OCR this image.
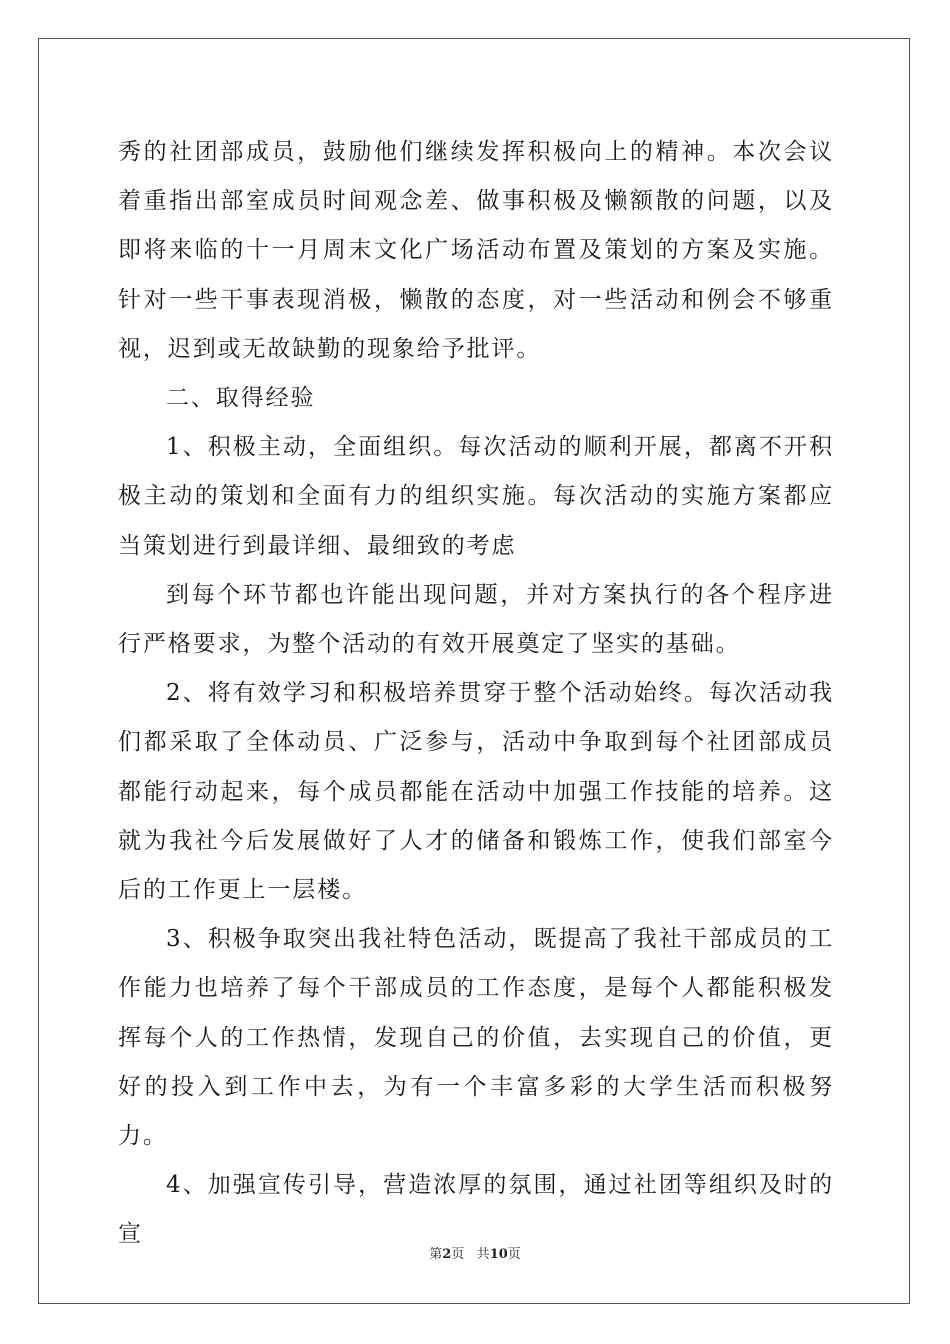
秀的社团部成员，鼓励他们继续发挥积极向上的精神。本次会议着重指出部室成员时间观念差、做事积极及懒额散的问题，以及即将来临的十一月周末文化广场活动布置及策划的方案及实施。针对一些干事表现消极，懒散的态度，对一些活动和例会不够重视，迟到或无故缺勤的现象给予批评。

二、取得经验

1、积极主动，全面组织。每次活动的顺利开展，都离不开积极主动的策划和全面有力的组织实施。每次活动的实施方案都应当策划进行到最详细、最细致的考虑

到每个环节都也许能出现问题，并对方案执行的各个程序进行严格要求，为整个活动的有效开展奠定了坚实的基础。

2、将有效学习和积极培养贯穿于整个活动始终。每次活动我们都采取了全体动员、广泛参与，活动中争取到每个社团部成员都能行动起来，每个成员都能在活动中加强工作技能的培养。这就为我社今后发展做好了人才的储备和锻炼工作，使我们部室今后的工作更上一层楼。

3、积极争取突出我社特色活动，既提高了我社干部成员的工作能力也培养了每个干部成员的工作态度，是每个人都能积极发挥每个人的工作热情，发现自己的价值，去实现自己的价值，更好的投入到工作中去，为有一个丰富多彩的大学生活而积极努力。

4、加强宣传引导，营造浓厚的氛围，通过社团等组织及时的宣

第2页 共10页
